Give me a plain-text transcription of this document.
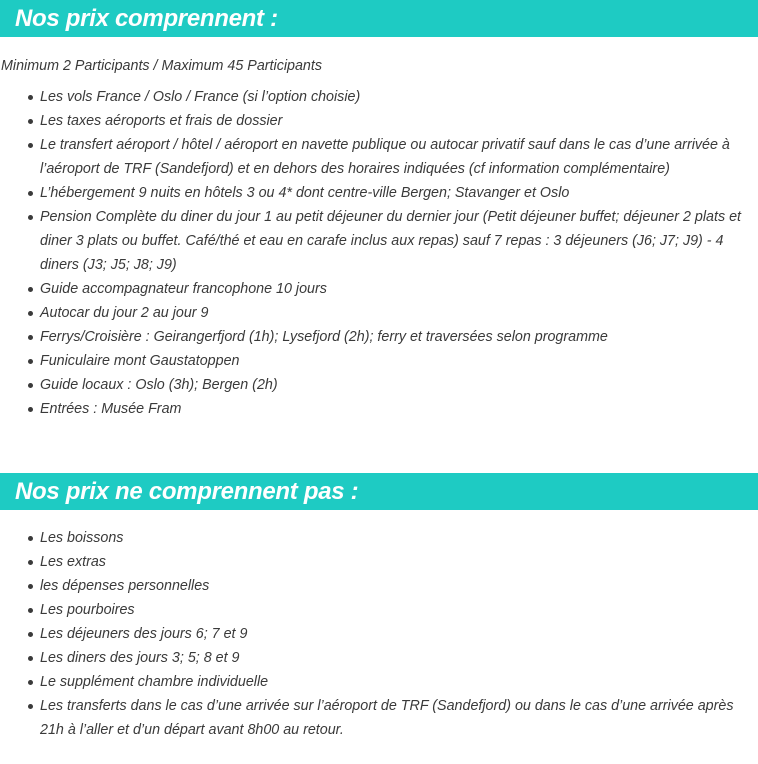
Nos prix comprennent :
Minimum 2 Participants / Maximum 45 Participants
Les vols France / Oslo / France (si l’option choisie)
Les taxes aéroports et frais de dossier
Le transfert aéroport / hôtel / aéroport en navette publique ou autocar privatif sauf dans le cas d’une arrivée à l’aéroport de TRF (Sandefjord) et en dehors des horaires indiquées (cf information complémentaire)
L’hébergement 9 nuits en hôtels 3 ou 4* dont centre-ville Bergen; Stavanger et Oslo
Pension Complète du diner du jour 1 au petit déjeuner du dernier jour (Petit déjeuner buffet; déjeuner 2 plats et diner 3 plats ou buffet. Café/thé et eau en carafe inclus aux repas) sauf 7 repas : 3 déjeuners (J6; J7; J9) - 4 diners (J3; J5; J8; J9)
Guide accompagnateur francophone 10 jours
Autocar du jour 2 au jour 9
Ferrys/Croisière : Geirangerfjord (1h); Lysefjord (2h); ferry et traversées selon programme
Funiculaire mont Gaustatoppen
Guide locaux : Oslo (3h); Bergen (2h)
Entrées : Musée Fram
Nos prix ne comprennent pas :
Les boissons
Les extras
les dépenses personnelles
Les pourboires
Les déjeuners des jours 6; 7 et 9
Les diners des jours 3; 5; 8 et 9
Le supplément chambre individuelle
Les transferts dans le cas d’une arrivée sur l’aéroport de TRF (Sandefjord) ou dans le cas d’une arrivée après 21h à l’aller et d’un départ avant 8h00 au retour.
